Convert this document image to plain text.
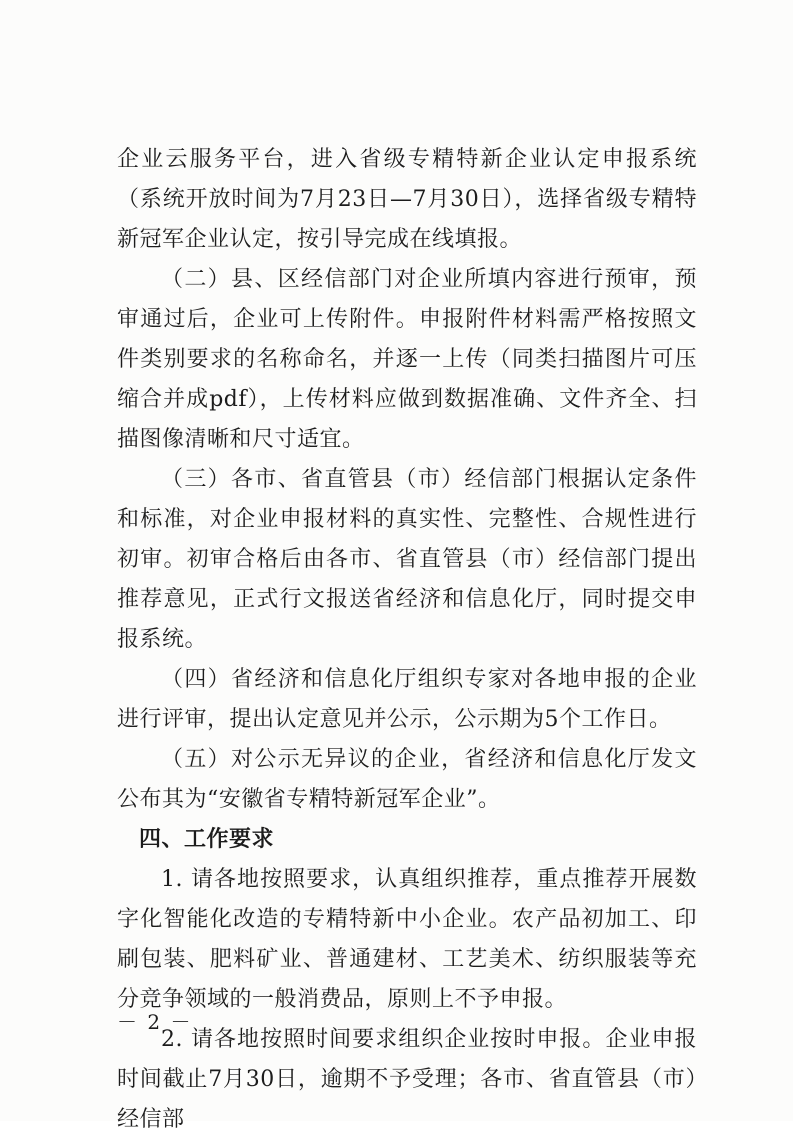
企业云服务平台，进入省级专精特新企业认定申报系统（系统开放时间为7月23日—7月30日），选择省级专精特新冠军企业认定，按引导完成在线填报。

（二）县、区经信部门对企业所填内容进行预审，预审通过后，企业可上传附件。申报附件材料需严格按照文件类别要求的名称命名，并逐一上传（同类扫描图片可压缩合并成pdf），上传材料应做到数据准确、文件齐全、扫描图像清晰和尺寸适宜。

（三）各市、省直管县（市）经信部门根据认定条件和标准，对企业申报材料的真实性、完整性、合规性进行初审。初审合格后由各市、省直管县（市）经信部门提出推荐意见，正式行文报送省经济和信息化厅，同时提交申报系统。

（四）省经济和信息化厅组织专家对各地申报的企业进行评审，提出认定意见并公示，公示期为5个工作日。

（五）对公示无异议的企业，省经济和信息化厅发文公布其为“安徽省专精特新冠军企业”。

四、工作要求

1. 请各地按照要求，认真组织推荐，重点推荐开展数字化智能化改造的专精特新中小企业。农产品初加工、印刷包装、肥料矿业、普通建材、工艺美术、纺织服装等充分竞争领域的一般消费品，原则上不予申报。

2. 请各地按照时间要求组织企业按时申报。企业申报时间截止7月30日，逾期不予受理；各市、省直管县（市）经信部

－ 2 －
